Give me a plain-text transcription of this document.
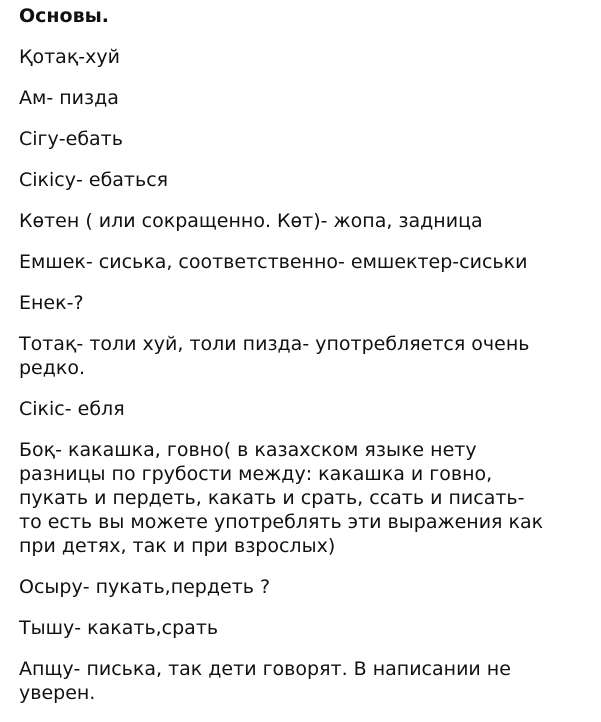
Основы.
Қотақ-хуй
Ам- пизда
Сігу-ебать
Сікісу- ебаться
Көтен ( или сокращенно. Көт)- жопа, задница
Емшек- сиська, соответственно- емшектер-сиськи
Енек-?
Тотақ- толи хуй, толи пизда- употребляется очень
редко.
Сікіс- ебля
Боқ- какашка, говно( в казахском языке нету
разницы по грубости между: какашка и говно,
пукать и пердеть, какать и срать, ссать и писать-
то есть вы можете употреблять эти выражения как
при детях, так и при взрослых)
Осыру- пукать,пердеть ?
Тышу- какать,срать
Апщу- писька, так дети говорят. В написании не
уверен.
